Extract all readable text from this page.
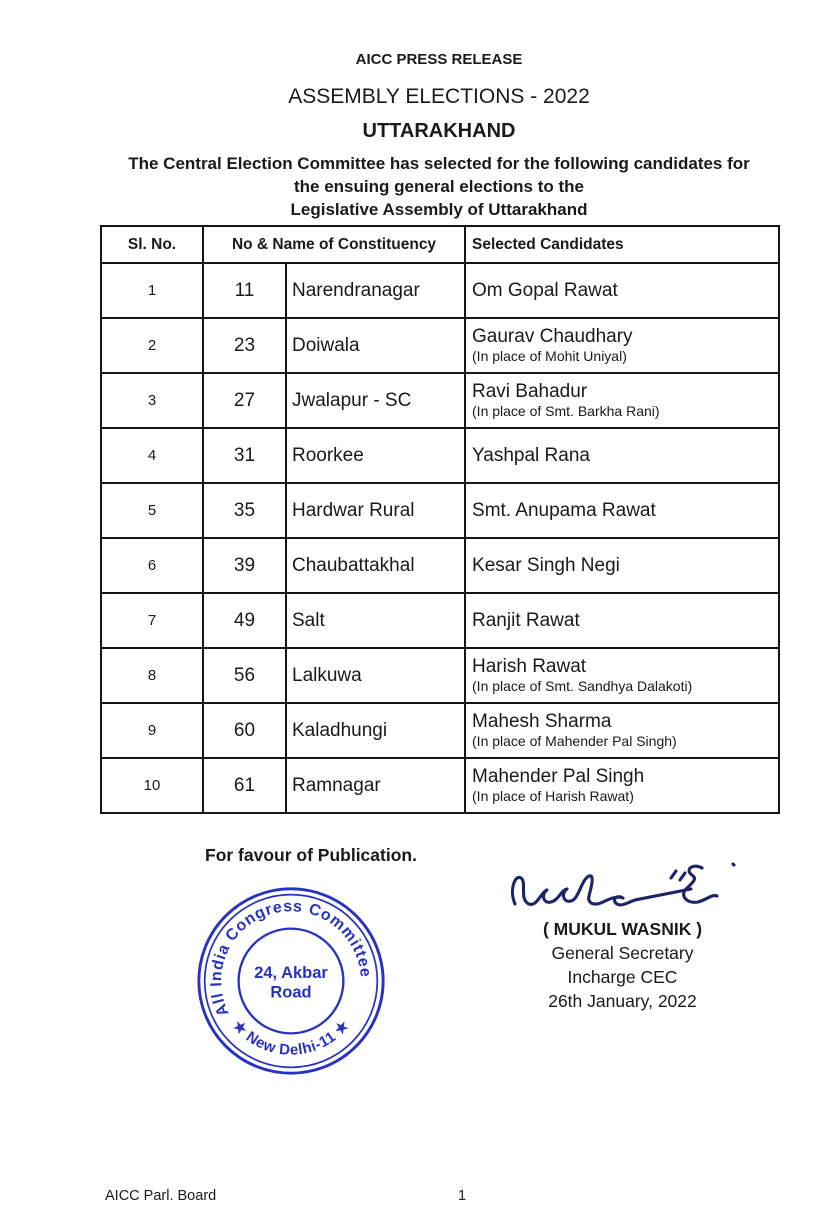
AICC PRESS RELEASE
ASSEMBLY ELECTIONS - 2022
UTTARAKHAND
The Central Election Committee has selected for the following candidates for
the ensuing general elections to the
Legislative Assembly of Uttarakhand
Sl. No.	No & Name of Constituency		Selected Candidates
1	11	Narendranagar	Om Gopal Rawat

2	23	Doiwala	Gaurav Chaudhary
(In place of Mohit Uniyal)

3	27	Jwalapur - SC	Ravi Bahadur
(In place of Smt. Barkha Rani)

4	31	Roorkee	Yashpal Rana

5	35	Hardwar Rural	Smt. Anupama Rawat

6	39	Chaubattakhal	Kesar Singh Negi

7	49	Salt	Ranjit Rawat

8	56	Lalkuwa	Harish Rawat
(In place of Smt. Sandhya Dalakoti)

9	60	Kaladhungi	Mahesh Sharma
(In place of Mahender Pal Singh)

10	61	Ramnagar	Mahender Pal Singh
(In place of Harish Rawat)
For favour of Publication.
All India Congress Committee
★ New Delhi-11 ★
24, Akbar
Road
( MUKUL WASNIK )
General Secretary
Incharge CEC
26th January, 2022
AICC Parl. Board	1
